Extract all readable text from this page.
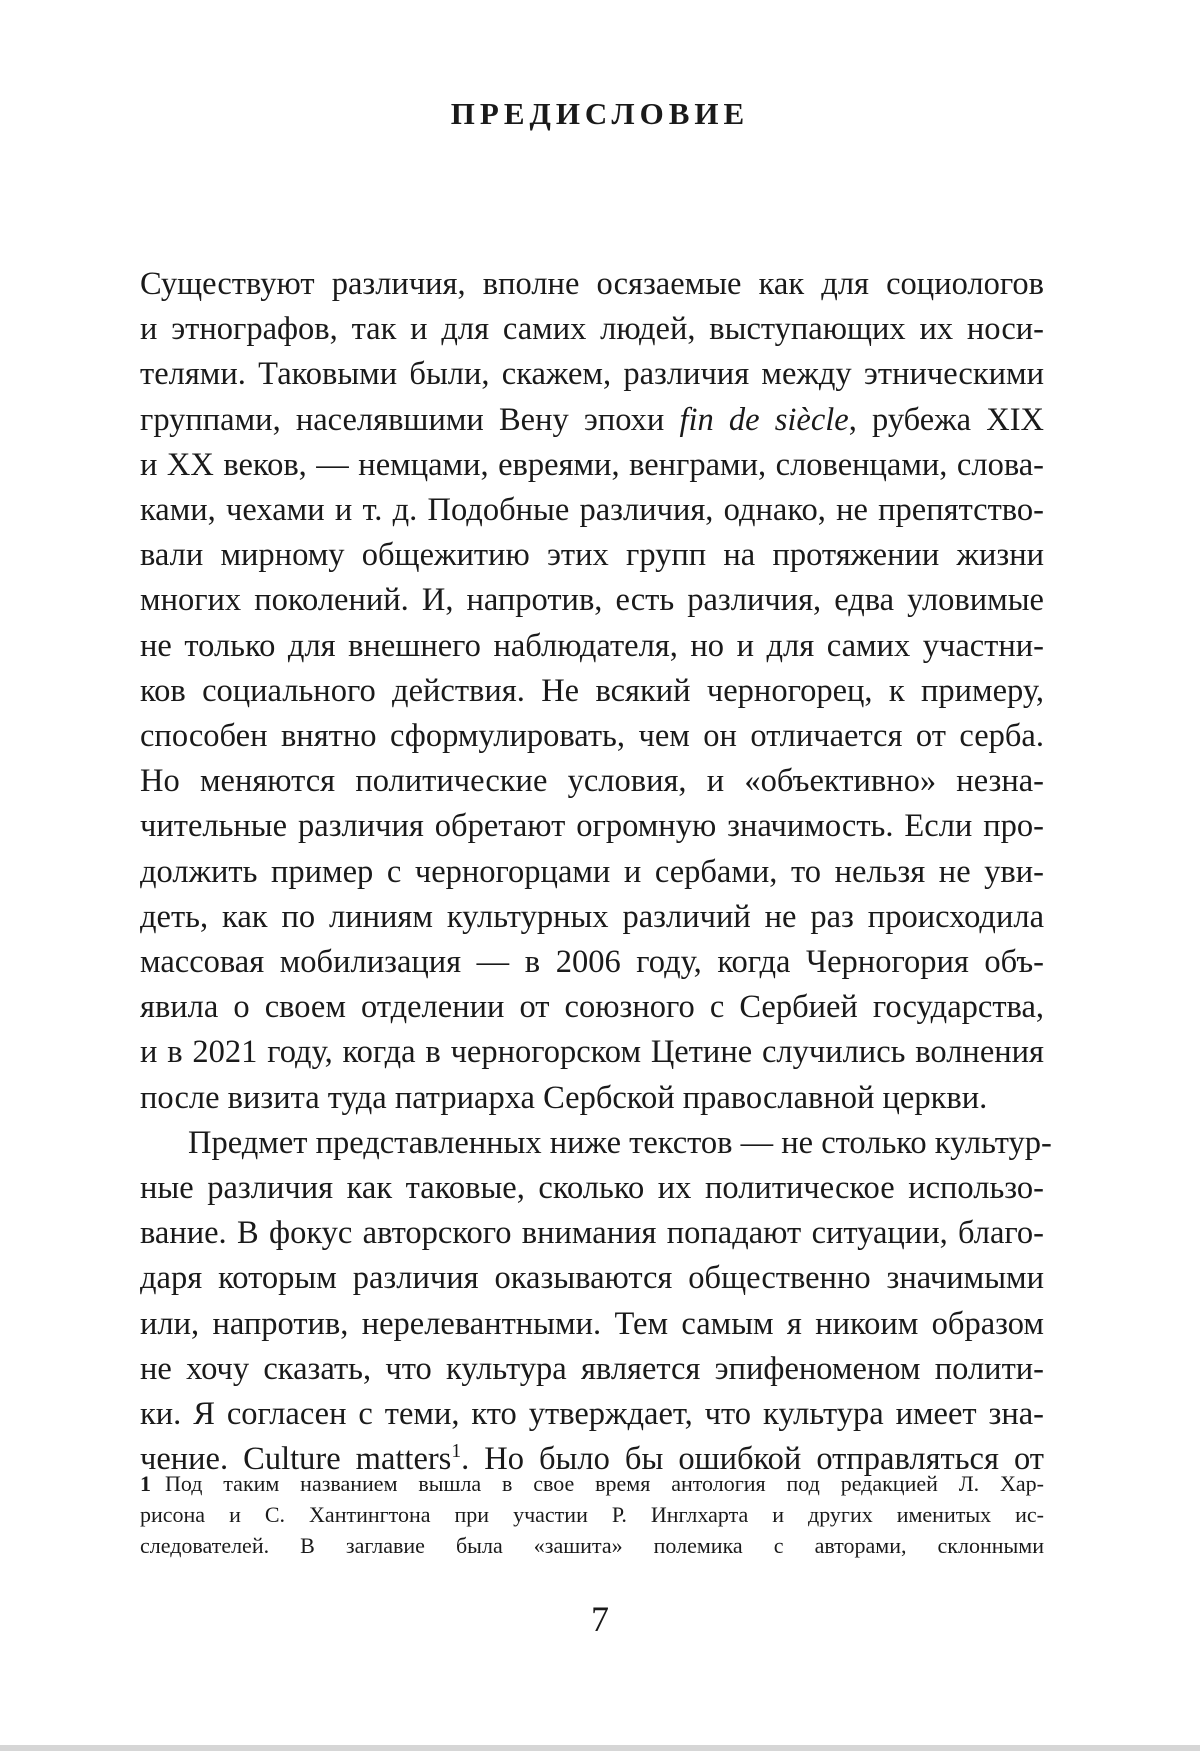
ПРЕДИСЛОВИЕ

Существуют различия, вполне осязаемые как для социологов
и этнографов, так и для самих людей, выступающих их носи-
телями. Таковыми были, скажем, различия между этническими
группами, населявшими Вену эпохи fin de siècle, рубежа XIX
и XX веков, — немцами, евреями, венграми, словенцами, слова-
ками, чехами и т. д. Подобные различия, однако, не препятство-
вали мирному общежитию этих групп на протяжении жизни
многих поколений. И, напротив, есть различия, едва уловимые
не только для внешнего наблюдателя, но и для самих участни-
ков социального действия. Не всякий черногорец, к примеру,
способен внятно сформулировать, чем он отличается от серба.
Но меняются политические условия, и «объективно» незна-
чительные различия обретают огромную значимость. Если про-
должить пример с черногорцами и сербами, то нельзя не уви-
деть, как по линиям культурных различий не раз происходила
массовая мобилизация — в 2006 году, когда Черногория объ-
явила о своем отделении от союзного с Сербией государства,
и в 2021 году, когда в черногорском Цетине случились волнения
после визита туда патриарха Сербской православной церкви.

Предмет представленных ниже текстов — не столько культур-
ные различия как таковые, сколько их политическое использо-
вание. В фокус авторского внимания попадают ситуации, благо-
даря которым различия оказываются общественно значимыми
или, напротив, нерелевантными. Тем самым я никоим образом
не хочу сказать, что культура является эпифеноменом полити-
ки. Я согласен с теми, кто утверждает, что культура имеет зна-
чение. Culture matters$^1$. Но было бы ошибкой отправляться от

1 Под таким названием вышла в свое время антология под редакцией Л. Хар-
рисона и С. Хантингтона при участии Р. Инглхарта и других именитых ис-
следователей. В заглавие была «зашита» полемика с авторами, склонными
7
